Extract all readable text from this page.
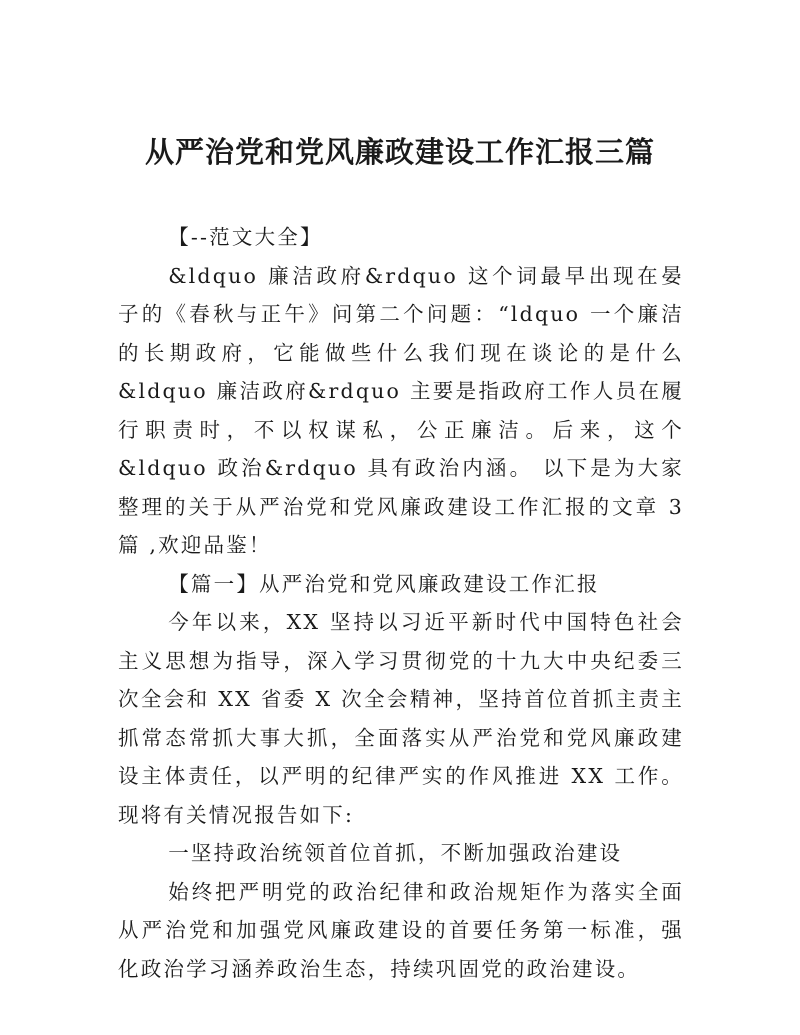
从严治党和党风廉政建设工作汇报三篇

【--范文大全】

&ldquo 廉洁政府&rdquo 这个词最早出现在晏子的《春秋与正午》问第二个问题：“ldquo 一个廉洁的长期政府，它能做些什么我们现在谈论的是什么&ldquo 廉洁政府&rdquo 主要是指政府工作人员在履行职责时，不以权谋私，公正廉洁。后来，这个&ldquo 政治&rdquo 具有政治内涵。 以下是为大家整理的关于从严治党和党风廉政建设工作汇报的文章 3 篇 ,欢迎品鉴！

【篇一】从严治党和党风廉政建设工作汇报

今年以来，XX 坚持以习近平新时代中国特色社会主义思想为指导，深入学习贯彻党的十九大中央纪委三次全会和 XX 省委 X 次全会精神，坚持首位首抓主责主抓常态常抓大事大抓，全面落实从严治党和党风廉政建设主体责任，以严明的纪律严实的作风推进 XX 工作。现将有关情况报告如下:

一坚持政治统领首位首抓，不断加强政治建设

始终把严明党的政治纪律和政治规矩作为落实全面从严治党和加强党风廉政建设的首要任务第一标准，强化政治学习涵养政治生态，持续巩固党的政治建设。
